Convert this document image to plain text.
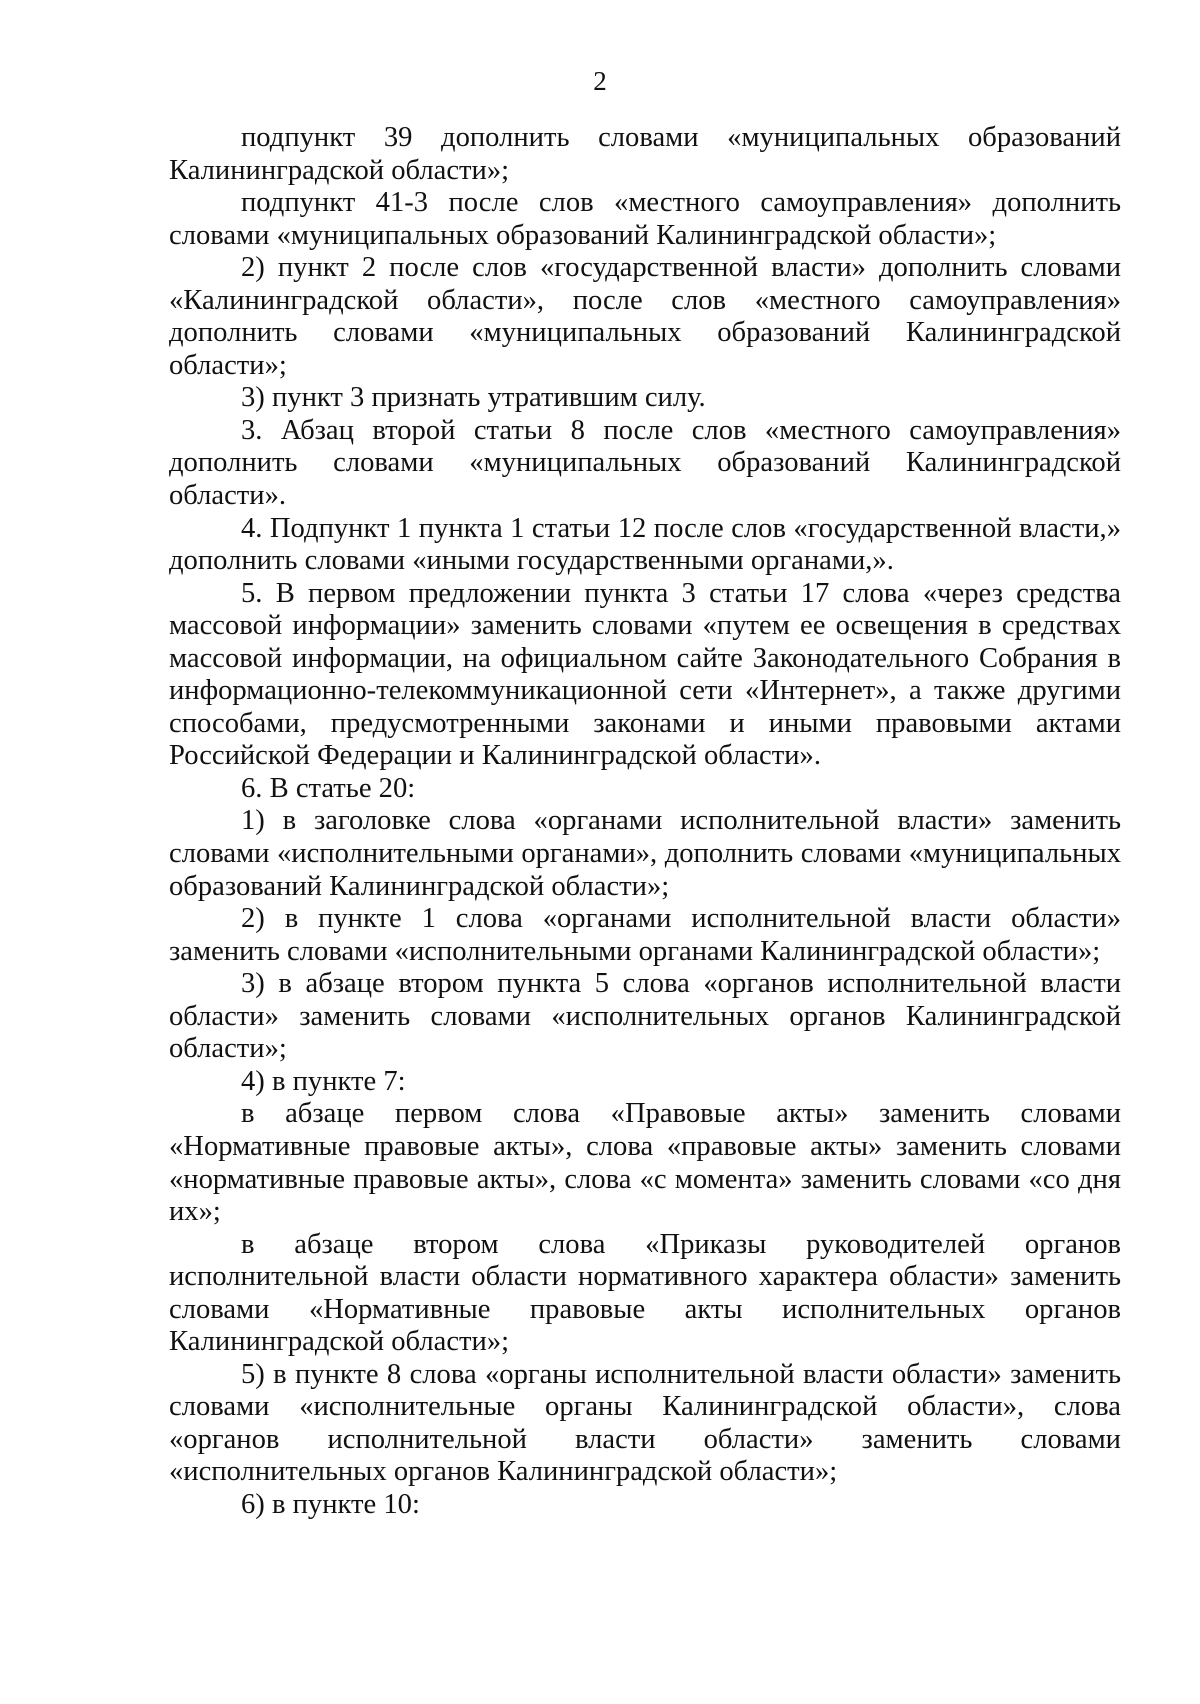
2

подпункт 39 дополнить словами «муниципальных образований Калининградской области»;

подпункт 41-3 после слов «местного самоуправления» дополнить словами «муниципальных образований Калининградской области»;

2) пункт 2 после слов «государственной власти» дополнить словами «Калининградской области», после слов «местного самоуправления» дополнить словами «муниципальных образований Калининградской области»;

3) пункт 3 признать утратившим силу.

3. Абзац второй статьи 8 после слов «местного самоуправления» дополнить словами «муниципальных образований Калининградской области».

4. Подпункт 1 пункта 1 статьи 12 после слов «государственной власти,» дополнить словами «иными государственными органами,».

5. В первом предложении пункта 3 статьи 17 слова «через средства массовой информации» заменить словами «путем ее освещения в средствах массовой информации, на официальном сайте Законодательного Собрания в информационно-телекоммуникационной сети «Интернет», а также другими способами, предусмотренными законами и иными правовыми актами Российской Федерации и Калининградской области».

6. В статье 20:

1) в заголовке слова «органами исполнительной власти» заменить словами «исполнительными органами», дополнить словами «муниципальных образований Калининградской области»;

2) в пункте 1 слова «органами исполнительной власти области» заменить словами «исполнительными органами Калининградской области»;

3) в абзаце втором пункта 5 слова «органов исполнительной власти области» заменить словами «исполнительных органов Калининградской области»;

4) в пункте 7:

в абзаце первом слова «Правовые акты» заменить словами «Нормативные правовые акты», слова «правовые акты» заменить словами «нормативные правовые акты», слова «с момента» заменить словами «со дня их»;

в абзаце втором слова «Приказы руководителей органов исполнительной власти области нормативного характера области» заменить словами «Нормативные правовые акты исполнительных органов Калининградской области»;

5) в пункте 8 слова «органы исполнительной власти области» заменить словами «исполнительные органы Калининградской области», слова «органов исполнительной власти области» заменить словами «исполнительных органов Калининградской области»;

6) в пункте 10:
